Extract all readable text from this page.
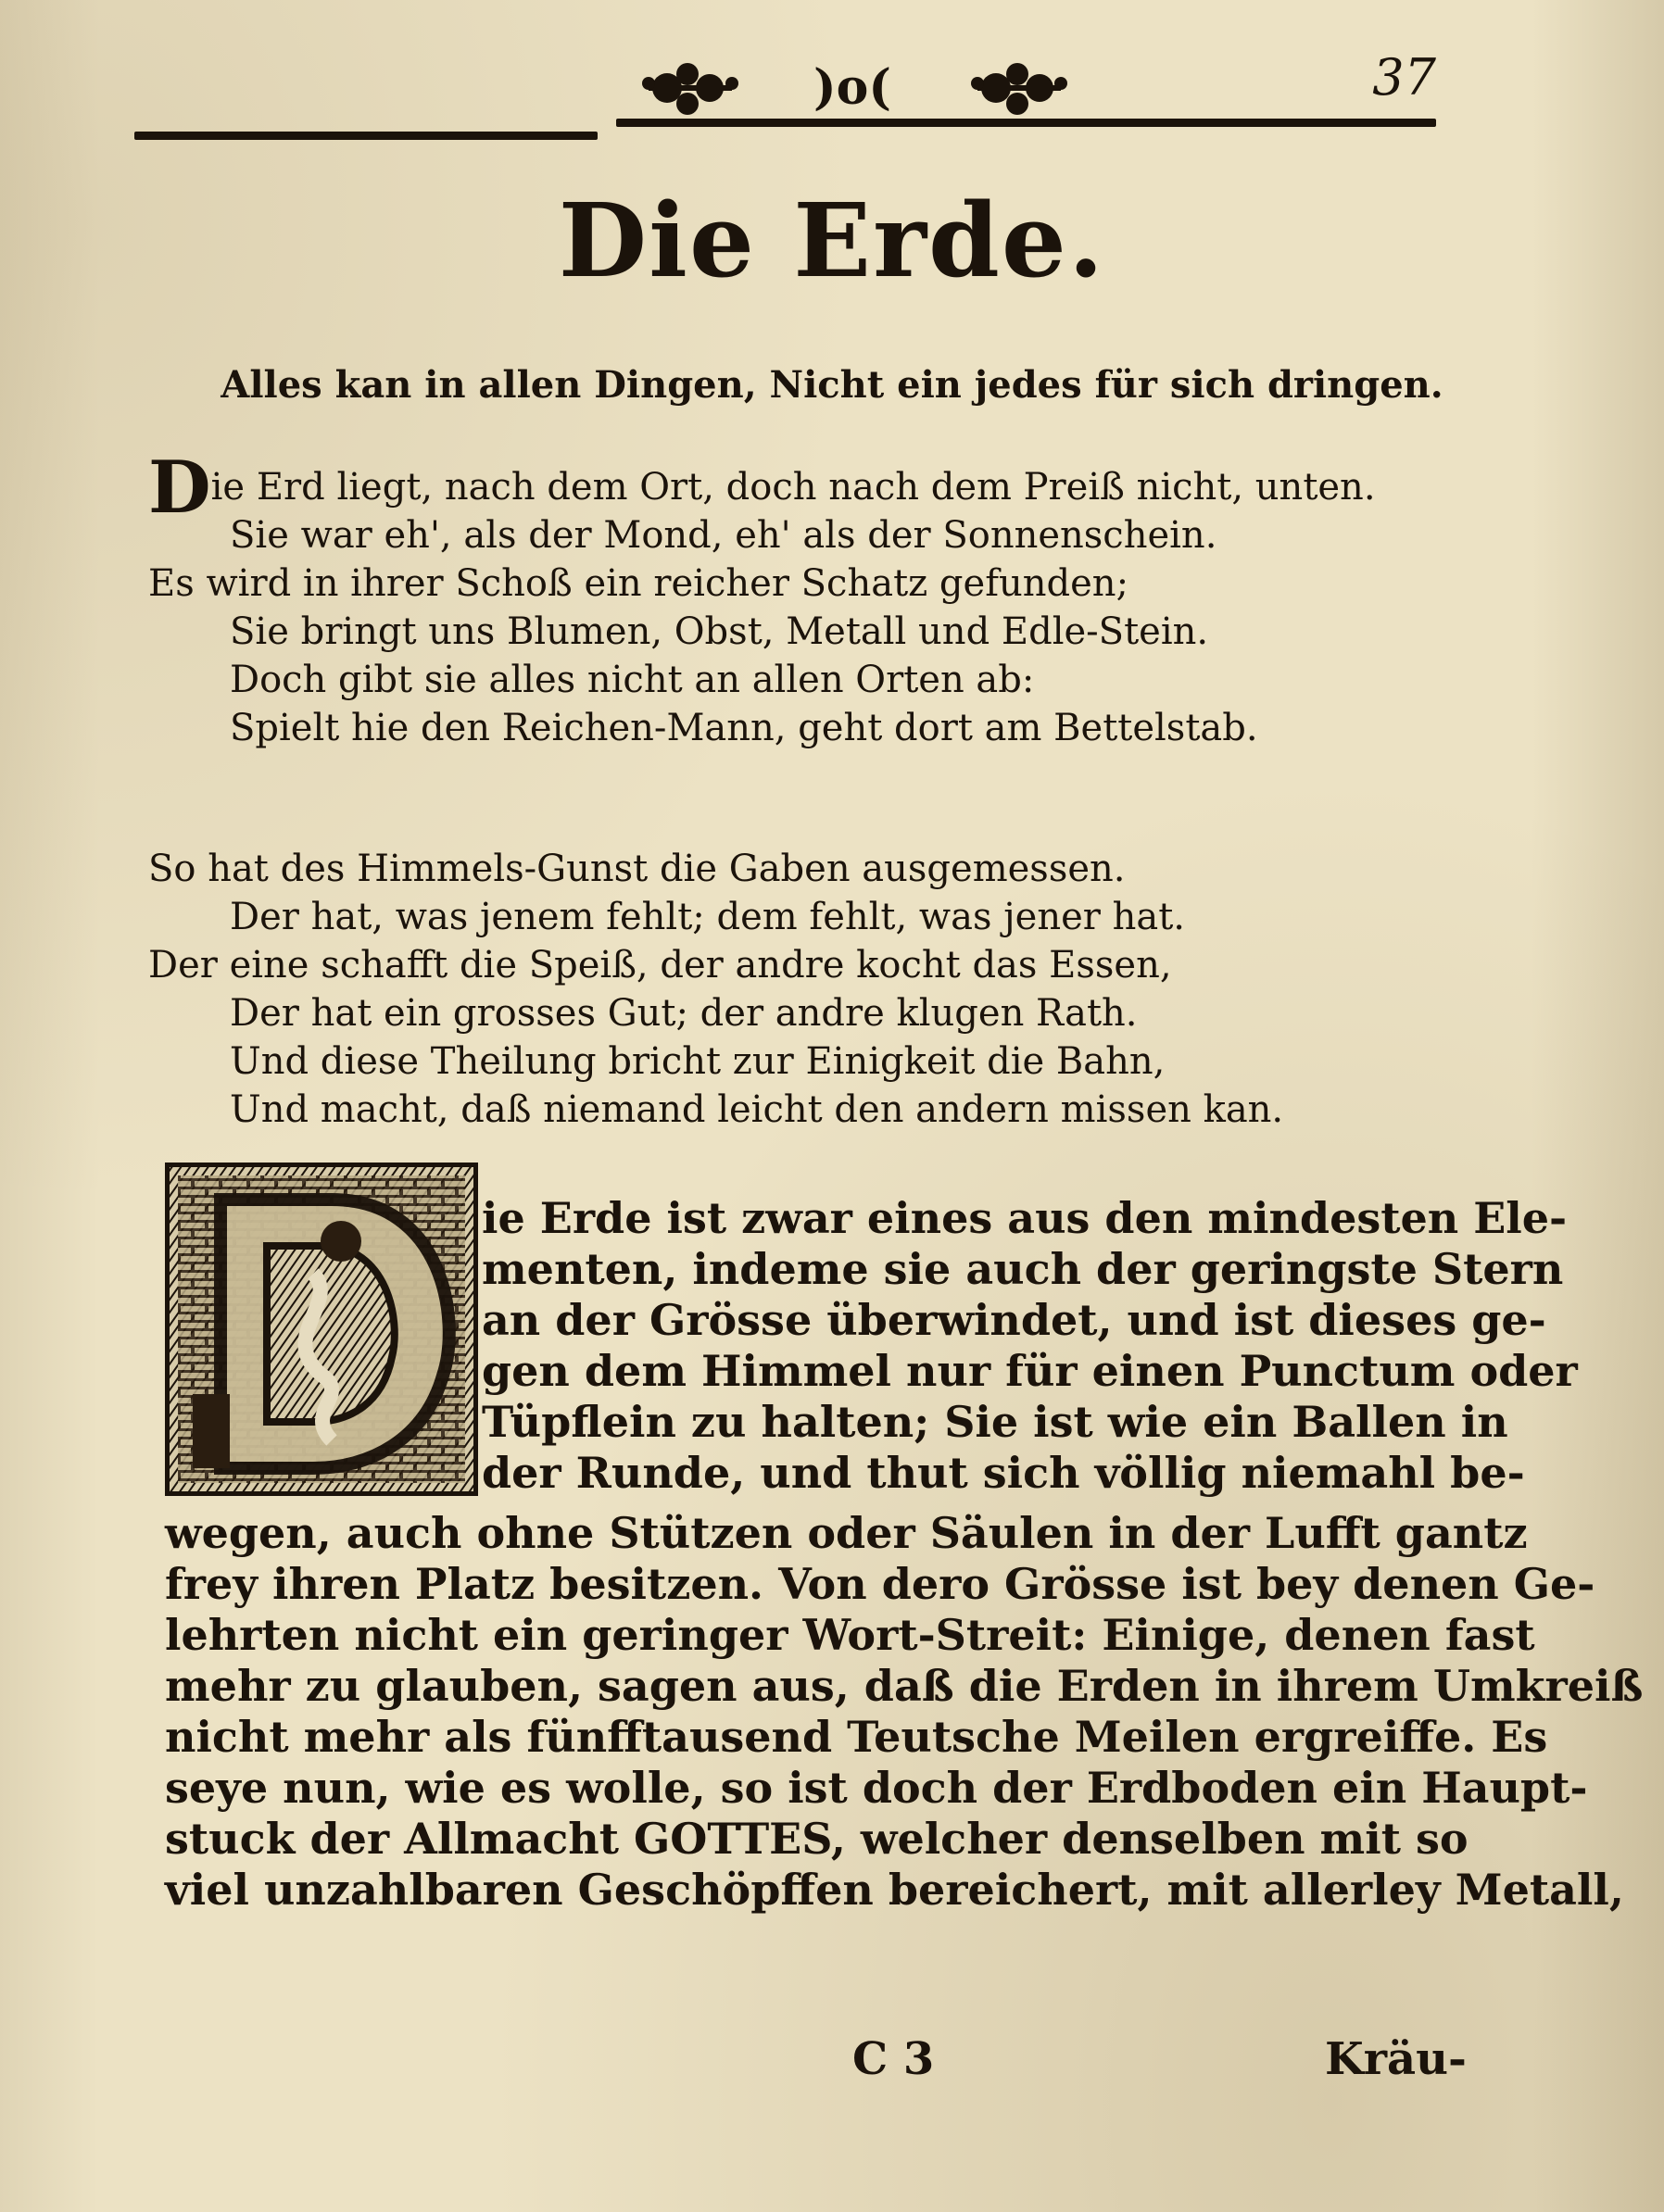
)o(	37
Die Erde.
Alles kan in allen Dingen, Nicht ein jedes für sich dringen.
Die Erd liegt, nach dem Ort, doch nach dem Preiß nicht, unten.
Sie war eh', als der Mond, eh' als der Sonnenschein.
Es wird in ihrer Schoß ein reicher Schatz gefunden;
Sie bringt uns Blumen, Obst, Metall und Edle-Stein.
Doch gibt sie alles nicht an allen Orten ab:
Spielt hie den Reichen-Mann, geht dort am Bettelstab.
So hat des Himmels-Gunst die Gaben ausgemessen.
Der hat, was jenem fehlt; dem fehlt, was jener hat.
Der eine schafft die Speiß, der andre kocht das Essen,
Der hat ein grosses Gut; der andre klugen Rath.
Und diese Theilung bricht zur Einigkeit die Bahn,
Und macht, daß niemand leicht den andern missen kan.
ie Erde ist zwar eines aus den mindesten Ele-
menten, indeme sie auch der geringste Stern
an der Grösse überwindet, und ist dieses ge-
gen dem Himmel nur für einen Punctum oder
Tüpflein zu halten; Sie ist wie ein Ballen in
der Runde, und thut sich völlig niemahl be-
wegen, auch ohne Stützen oder Säulen in der Lufft gantz
frey ihren Platz besitzen. Von dero Grösse ist bey denen Ge-
lehrten nicht ein geringer Wort-Streit: Einige, denen fast
mehr zu glauben, sagen aus, daß die Erden in ihrem Umkreiß
nicht mehr als fünfftausend Teutsche Meilen ergreiffe. Es
seye nun, wie es wolle, so ist doch der Erdboden ein Haupt-
stuck der Allmacht GOTTES, welcher denselben mit so
viel unzahlbaren Geschöpffen bereichert, mit allerley Metall,
C 3	Kräu-
